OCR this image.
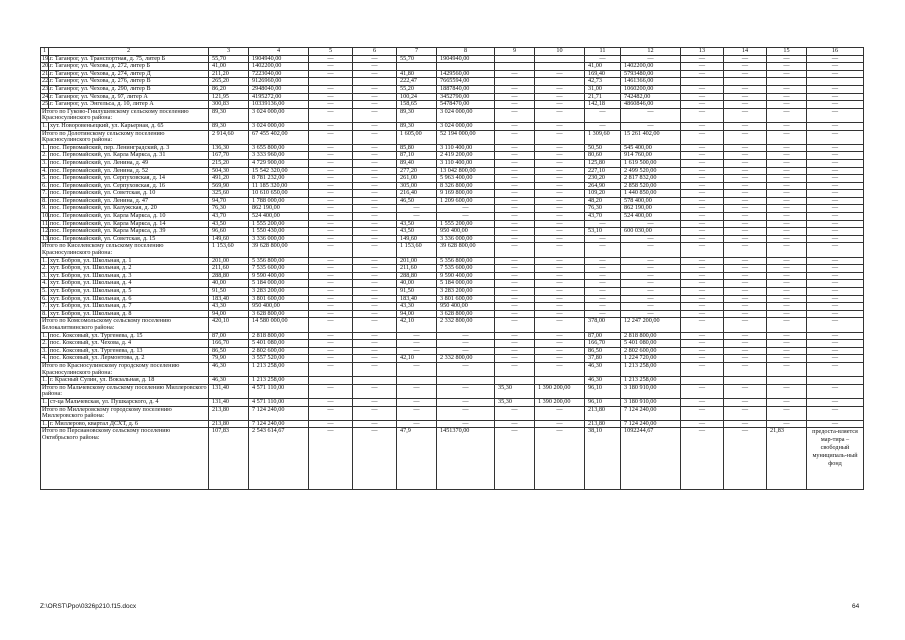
1	2	3	4	5	6	7	8	9	10	11	12	13	14	15	16
19.	г. Таганрог, ул. Транспортная, д. 75, литер Б	55,70	1904940,00	—	—	55,70	1904940,00			—	—	—	—	—	—
20.	г. Таганрог, ул. Чехова, д. 272, литер Б	41,00	1402200,00	—	—					41,00	1402200,00	—	—	—	—
21.	г. Таганрог, ул. Чехова, д. 274, литер Д	211,20	7223040,00	—	—	41,80	1429560,00	—	—	169,40	5793480,00	—	—	—	—
22.	г. Таганрог, ул. Чехова, д. 276, литер В	265,20	9126960,00			222,47	7665594,00			42,73	1461366,00				
23.	г. Таганрог, ул. Чехова, д. 290, литер В	86,20	2948040,00	—	—	55,20	1887840,00	—	—	31,00	1060200,00	—	—	—	—
24.	г. Таганрог, ул. Чехова, д. 97, литер А	121,95	4195272,00	—	—	100,24	3452790,00	—	—	21,71	742482,00	—	—	—	—
25.	г. Таганрог, ул. Энгельса, д. 10, литер А	300,83	10339136,00	—	—	158,65	5478470,00	—	—	142,18	4860846,00	—	—	—	—
Итого по Гуково-Гнилушевскому сельскому поселению Красносулинского района:		89,30	3 024 000,00	—	—	89,30	3 024 000,00	—	—	—	—	—	—	—	—
1.	хут. Новоровеньецкий, ул. Карьерная, д. 65	89,30	3 024 000,00	—	—	89,30	3 024 000,00	—	—	—	—	—	—	—	—
Итого по Долотинскому сельскому поселению Красносулинского района:		2 914,60	67 455 402,00	—	—	1 605,00	52 194 000,00	—	—	1 309,60	15 261 402,00	—	—	—	—
1.	пос. Первомайский, пер. Ленинградский, д. 3	136,30	3 655 800,00	—	—	85,80	3 110 400,00	—	—	50,50	545 400,00	—	—	—	—
2.	пос. Первомайский, ул. Карла Маркса, д. 31	167,70	3 333 960,00	—	—	87,10	2 419 200,00	—	—	80,60	914 760,00	—	—	—	—
3.	пос. Первомайский, ул. Ленина, д. 49	215,20	4 729 900,00	—	—	89,40	3 110 400,00	—	—	125,80	1 619 500,00	—	—	—	—
4.	пос. Первомайский, ул. Ленина, д. 52	504,30	15 542 320,00	—	—	277,20	13 042 800,00	—	—	227,10	2 499 520,00	—	—	—	—
5.	пос. Первомайский, ул. Серпуховская, д. 14	491,20	8 781 232,00	—	—	261,00	5 963 400,00	—	—	230,20	2 817 832,00	—	—	—	—
6.	пос. Первомайский, ул. Серпуховская, д. 16	569,90	11 185 320,00	—	—	305,00	8 326 800,00	—	—	264,90	2 858 520,00	—	—	—	—
7.	пос. Первомайский, ул. Советская, д. 10	325,60	10 610 650,00	—	—	216,40	9 169 800,00	—	—	109,20	1 440 850,00	—	—	—	—
8.	пос. Первомайский, ул. Ленина, д. 47	94,70	1 788 000,00	—	—	46,50	1 209 600,00	—	—	48,20	578 400,00	—	—	—	—
9.	пос. Первомайский, ул. Калужская, д. 20	76,30	862 190,00	—	—	—	—	—	—	76,30	862 190,00	—	—	—	—
10.	пос. Первомайский, ул. Карла Маркса, д. 10	43,70	524 400,00	—	—	—	—	—	—	43,70	524 400,00	—	—	—	—
11.	пос. Первомайский, ул. Карла Маркса, д. 14	43,50	1 555 200,00	—	—	43,50	1 555 200,00	—	—	—	—	—	—	—	—
12.	пос. Первомайский, ул. Карла Маркса, д. 39	96,60	1 550 430,00	—	—	43,50	950 400,00	—	—	53,10	600 030,00	—	—	—	—
13.	пос. Первомайский, ул. Советская, д. 15	149,60	3 336 000,00	—	—	149,60	3 336 000,00	—	—	—	—	—	—	—	—
Итого по Киселевскому сельскому поселению Красносулинского района:		1 153,60	39 628 800,00	—	—	1 153,60	39 628 800,00	—	—	—	—	—	—	—	—
1.	хут. Бобров, ул. Школьная, д. 1	201,00	5 356 800,00	—	—	201,00	5 356 800,00	—	—	—	—	—	—	—	—
2.	хут. Бобров, ул. Школьная, д. 2	211,60	7 535 600,00	—	—	211,60	7 535 600,00	—	—	—	—	—	—	—	—
3.	хут. Бобров, ул. Школьная, д. 3	288,80	9 590 400,00	—	—	288,80	9 590 400,00	—	—	—	—	—	—	—	—
4.	хут. Бобров, ул. Школьная, д. 4	40,00	5 184 000,00	—	—	40,00	5 184 000,00	—	—	—	—	—	—	—	—
5.	хут. Бобров, ул. Школьная, д. 5	91,50	3 283 200,00	—	—	91,50	3 283 200,00	—	—	—	—	—	—	—	—
6.	хут. Бобров, ул. Школьная, д. 6	183,40	3 801 600,00	—	—	183,40	3 801 600,00	—	—	—	—	—	—	—	—
7.	хут. Бобров, ул. Школьная, д. 7	43,30	950 400,00	—	—	43,30	950 400,00	—	—	—	—	—	—	—	—
8.	хут. Бобров, ул. Школьная, д. 8	94,00	3 628 800,00	—	—	94,00	3 628 800,00	—	—	—	—	—	—	—	—
Итого по Комсомольскому сельскому поселению Белокалитвинского района:		420,10	14 580 000,00	—	—	42,10	2 332 800,00	—	—	378,00	12 247 200,00	—	—	—	—
1.	пос. Коксовый, ул. Тургенева, д. 15	87,00	2 818 800,00	—	—	—	—	—	—	87,00	2 818 800,00	—	—	—	—
2.	пос. Коксовый, ул. Чехова, д. 4	166,70	5 401 080,00	—	—	—	—	—	—	166,70	5 401 080,00	—	—	—	—
3.	пос. Коксовый, ул. Тургенева, д. 13	86,50	2 802 600,00	—	—	—	—	—	—	86,50	2 802 600,00	—	—	—	—
4.	пос. Коксовый, ул. Лермонтова, д. 2	79,90	3 557 520,00	—	—	42,10	2 332 800,00	—	—	37,80	1 224 720,00	—	—	—	—
Итого по Красносулинскому городскому поселению Красносулинского района:		46,30	1 213 258,00	—	—	—	—	—	—	46,30	1 213 258,00	—	—	—	—
1.	г. Красный Сулин, ул. Вокзальная, д. 18	46,30	1 213 258,00							46,30	1 213 258,00				
Итого по Мальчевскому сельскому поселению Миллеровского района:		131,40	4 571 110,00	—	—	—	—	35,30	1 390 200,00	96,10	3 180 910,00	—	—	—	—
1.	ст-ца Мальчевская, ул. Пушкарского, д. 4	131,40	4 571 110,00	—	—	—	—	35,30	1 390 200,00	96,10	3 180 910,00	—	—	—	—
Итого по Миллеровскому городскому поселению Миллеровского района:		213,80	7 124 240,00	—	—	—	—	—	—	213,80	7 124 240,00	—	—	—	—
1.	г. Миллерово, квартал ДСХТ, д. 6	213,80	7 124 240,00	—	—	—	—	—	—	213,80	7 124 240,00	—	—	—	—
Итого по Персиановскому сельскому поселению Октябрьского района:		107,83	2 543 614,67	—	—	47,9	1451370,00	—	—	38,10	1092244,67	—	—	21,83	предоста-вляется мар-тира – свободный муниципаль-ный фонд
Z:\ORST\Ppo\0326p210.f15.docx	64
